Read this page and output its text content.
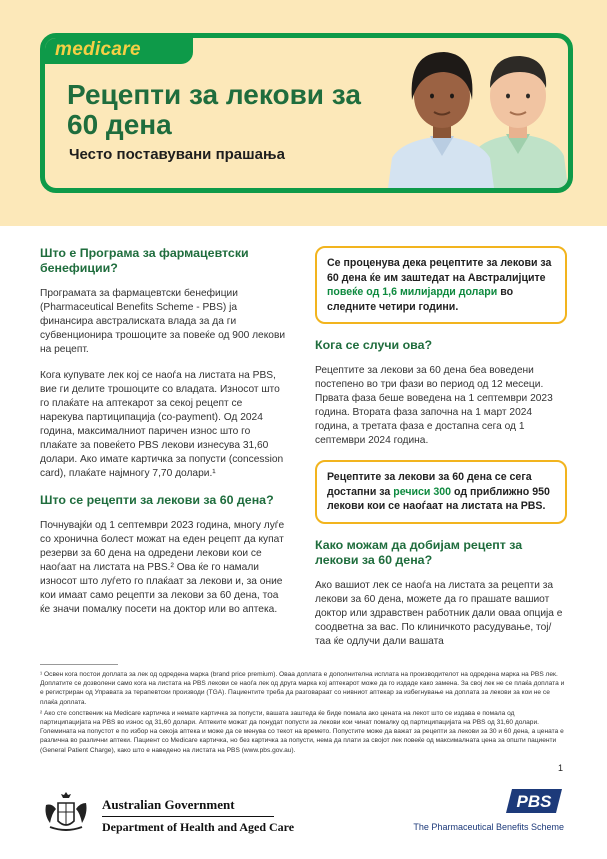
medicare
Рецепти за лекови за 60 дена
Често поставувани прашања
Што е Програма за фармацевтски бенефиции?

Програмата за фармацевтски бенефиции (Pharmaceutical Benefits Scheme - PBS) ја финансира австралиската влада за да ги субвенционира трошоците за повеќе од 900 лекови на рецепт.

Кога купувате лек кој се наоѓа на листата на PBS, вие ги делите трошоците со владата. Износот што го плаќате на аптекарот за секој рецепт се нарекува партиципација (co-payment). Од 2024 година, максималниот паричен износ што го плаќате за повеќето PBS лекови изнесува 31,60 долари. Ако имате картичка за попусти (concession card), плаќате најмногу 7,70 долари.¹

Што се рецепти за лекови за 60 дена?

Почнувајќи од 1 септември 2023 година, многу луѓе со хронична болест можат на еден рецепт да купат резерви за 60 дена на одредени лекови кои се наоѓаат на листата на PBS.² Ова ќе го намали износот што луѓето го плаќаат за лекови и, за оние кои имаат само рецепти за лекови за 60 дена, тоа ќе значи помалку посети на доктор или во аптека.

Се проценува дека рецептите за лекови за 60 дена ќе им заштедат на Австралијците повеќе од 1,6 милијарди долари во следните четири години.
Кога се случи ова?

Рецептите за лекови за 60 дена беа воведени постепено во три фази во период од 12 месеци. Првата фаза беше воведена на 1 септември 2023 година. Втората фаза започна на 1 март 2024 година, а третата фаза е достапна сега од 1 септември 2024 година.

Рецептите за лекови за 60 дена се сега достапни за речиси 300 од приближно 950 лекови кои се наоѓаат на листата на PBS.
Како можам да добијам рецепт за лекови за 60 дена?

Ако вашиот лек се наоѓа на листата за рецепти за лекови за 60 дена, можете да го прашате вашиот доктор или здравствен работник дали оваа опција е соодветна за вас. По клиничкото расудување, тој/таа ќе одлучи дали вашата

¹ Освен кога постои доплата за лек од одредена марка (brand price premium). Оваа доплата е дополнителна исплата на производителот на одредена марка на PBS лек. Доплатите се дозволени само кога на листата на PBS лекови се наоѓа лек од друга марка кој аптекарот може да го издаде како замена. За свој лек не се плаќа доплата и е регистриран од Управата за терапевтски производи (TGA). Пациентите треба да разговараат со нивниот аптекар за избегнување на доплата за лекови за кои не се плаќа доплата.
² Ако сте сопственик на Medicare картичка и немате картичка за попусти, вашата заштеда ќе биде помала ако цената на лекот што се издава е помала од партиципацијата на PBS во износ од 31,60 долари. Аптеките можат да понудат попусти за лекови кои чинат помалку од партиципацијата на PBS од 31,60 долари. Големината на попустот е по избор на секоја аптека и може да се менува со текот на времето. Попустите може да важат за рецепти за лекови за 30 и 60 дена, а цената е различна во различни аптеки. Пациент со Medicare картичка, но без картичка за попусти, нема да плати за својот лек повеќе од максималната цена за општи пациенти (General Patient Charge), како што е наведено на листата на PBS (www.pbs.gov.au).
1
Australian Government
Department of Health and Aged Care
PBS
The Pharmaceutical Benefits Scheme
